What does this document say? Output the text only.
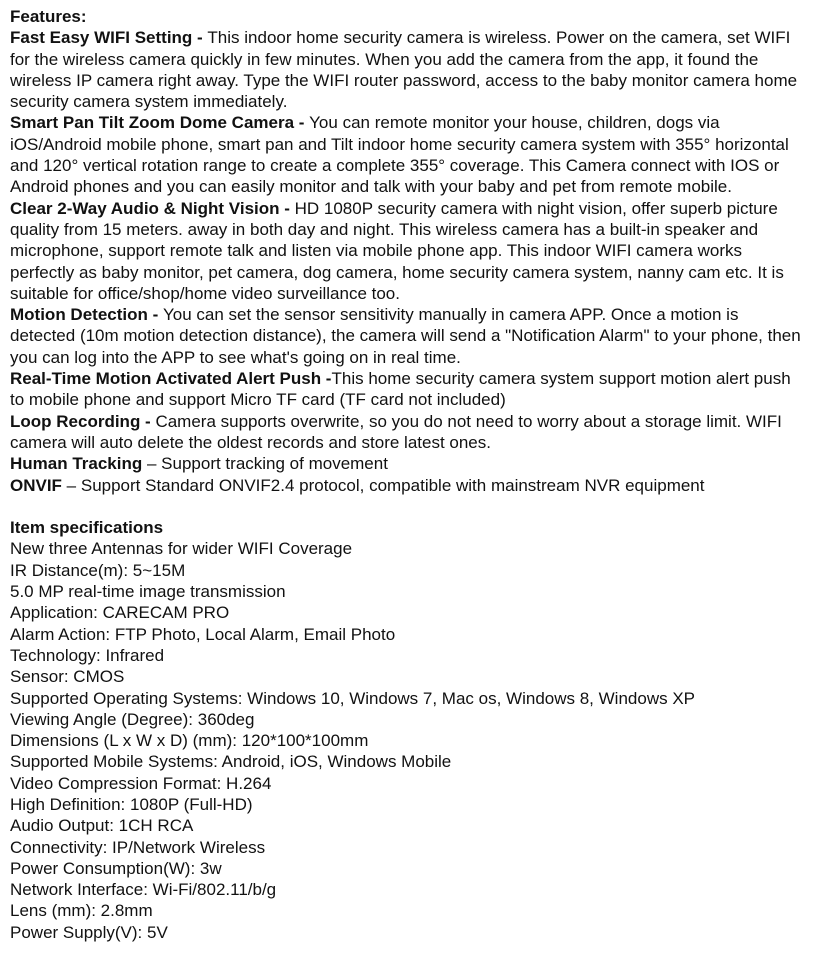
Features:

Fast Easy WIFI Setting - This indoor home security camera is wireless. Power on the camera, set WIFI for the wireless camera quickly in few minutes. When you add the camera from the app, it found the wireless IP camera right away. Type the WIFI router password, access to the baby monitor camera home security camera system immediately.

Smart Pan Tilt Zoom Dome Camera - You can remote monitor your house, children, dogs via iOS/Android mobile phone, smart pan and Tilt indoor home security camera system with 355° horizontal and 120° vertical rotation range to create a complete 355° coverage. This Camera connect with IOS or Android phones and you can easily monitor and talk with your baby and pet from remote mobile.

Clear 2-Way Audio & Night Vision - HD 1080P security camera with night vision, offer superb picture quality from 15 meters. away in both day and night. This wireless camera has a built-in speaker and microphone, support remote talk and listen via mobile phone app. This indoor WIFI camera works perfectly as baby monitor, pet camera, dog camera, home security camera system, nanny cam etc. It is suitable for office/shop/home video surveillance too.

Motion Detection - You can set the sensor sensitivity manually in camera APP. Once a motion is detected (10m motion detection distance), the camera will send a "Notification Alarm" to your phone, then you can log into the APP to see what's going on in real time.

Real-Time Motion Activated Alert Push -This home security camera system support motion alert push to mobile phone and support Micro TF card (TF card not included)

Loop Recording - Camera supports overwrite, so you do not need to worry about a storage limit. WIFI camera will auto delete the oldest records and store latest ones.

Human Tracking – Support tracking of movement

ONVIF – Support Standard ONVIF2.4 protocol, compatible with mainstream NVR equipment

Item specifications

New three Antennas for wider WIFI Coverage

IR Distance(m): 5~15M

5.0 MP real-time image transmission

Application: CARECAM PRO

Alarm Action: FTP Photo, Local Alarm, Email Photo

Technology: Infrared

Sensor: CMOS

Supported Operating Systems: Windows 10, Windows 7, Mac os, Windows 8, Windows XP

Viewing Angle (Degree): 360deg

Dimensions (L x W x D) (mm): 120*100*100mm

Supported Mobile Systems: Android, iOS, Windows Mobile

Video Compression Format: H.264

High Definition: 1080P (Full-HD)

Audio Output: 1CH RCA

Connectivity: IP/Network Wireless

Power Consumption(W): 3w

Network Interface: Wi-Fi/802.11/b/g

Lens (mm): 2.8mm

Power Supply(V): 5V
